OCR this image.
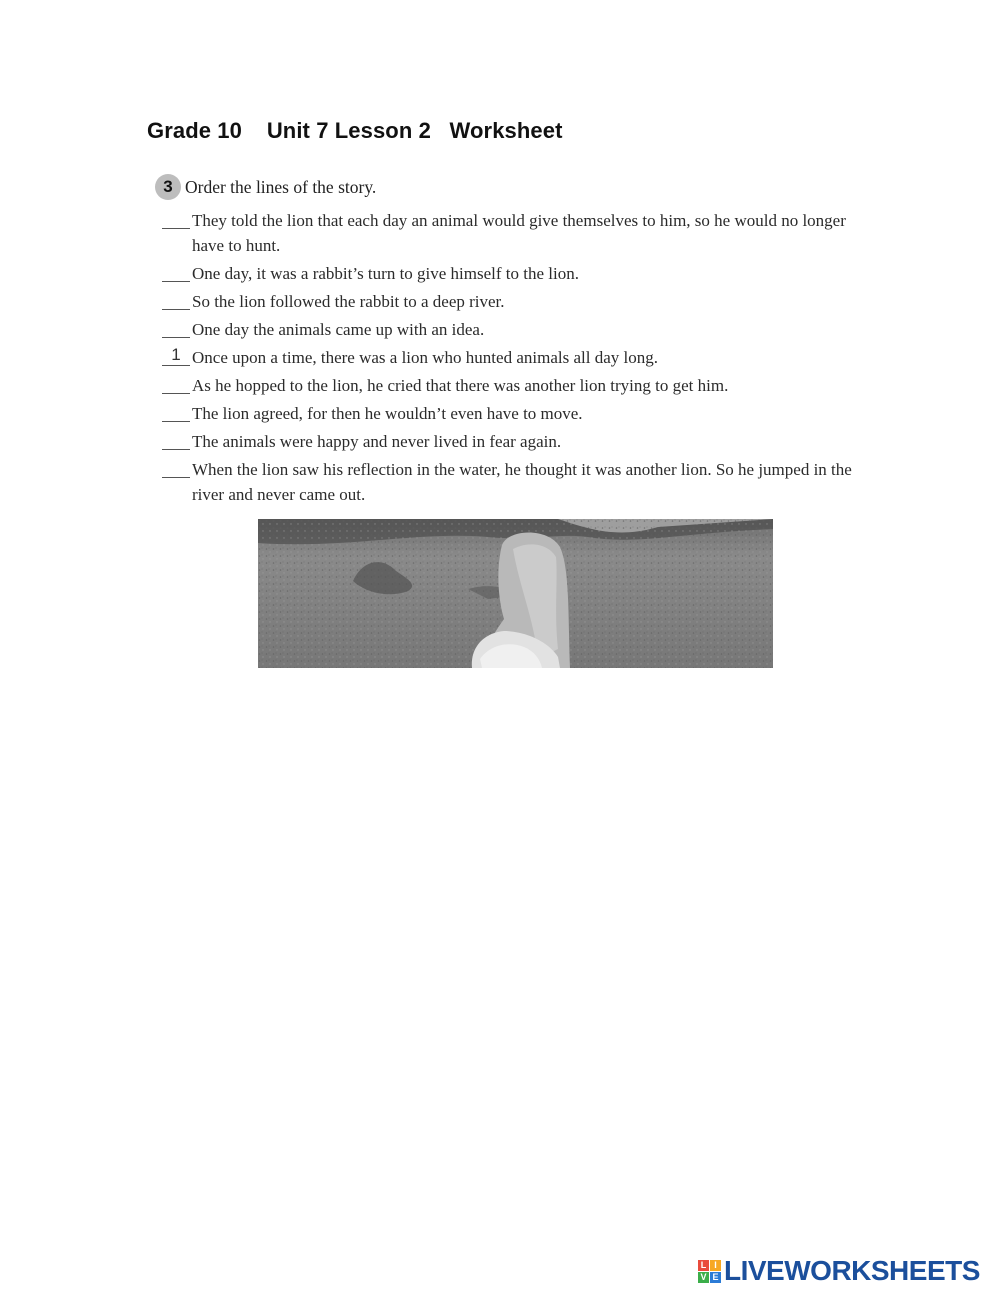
Grade 10    Unit 7 Lesson 2   Worksheet
3 Order the lines of the story.
They told the lion that each day an animal would give themselves to him, so he would no longer have to hunt.
One day, it was a rabbit’s turn to give himself to the lion.
So the lion followed the rabbit to a deep river.
One day the animals came up with an idea.
1 Once upon a time, there was a lion who hunted animals all day long.
As he hopped to the lion, he cried that there was another lion trying to get him.
The lion agreed, for then he wouldn’t even have to move.
The animals were happy and never lived in fear again.
When the lion saw his reflection in the water, he thought it was another lion. So he jumped in the river and never came out.
L I
V E LIVEWORKSHEETS
